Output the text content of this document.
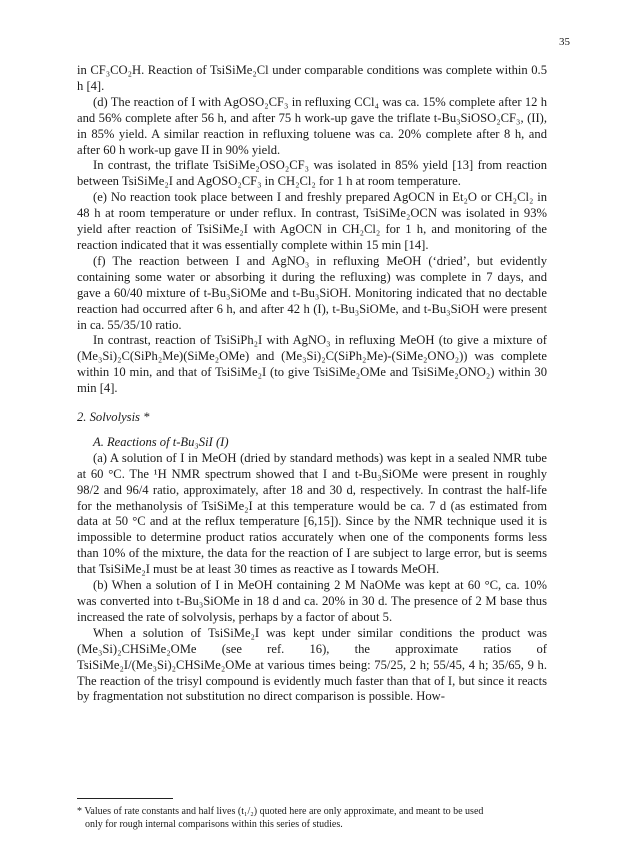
35

in CF₃CO₂H. Reaction of TsiSiMe₂Cl under comparable conditions was complete within 0.5 h [4].

(d) The reaction of I with AgOSO₂CF₃ in refluxing CCl₄ was ca. 15% complete after 12 h and 56% complete after 56 h, and after 75 h work-up gave the triflate t-Bu₃SiOSO₂CF₃, (II), in 85% yield. A similar reaction in refluxing toluene was ca. 20% complete after 8 h, and after 60 h work-up gave II in 90% yield.

In contrast, the triflate TsiSiMe₂OSO₂CF₃ was isolated in 85% yield [13] from reaction between TsiSiMe₂I and AgOSO₂CF₃ in CH₂Cl₂ for 1 h at room temperature.

(e) No reaction took place between I and freshly prepared AgOCN in Et₂O or CH₂Cl₂ in 48 h at room temperature or under reflux. In contrast, TsiSiMe₂OCN was isolated in 93% yield after reaction of TsiSiMe₂I with AgOCN in CH₂Cl₂ for 1 h, and monitoring of the reaction indicated that it was essentially complete within 15 min [14].

(f) The reaction between I and AgNO₃ in refluxing MeOH (‘dried’, but evidently containing some water or absorbing it during the refluxing) was complete in 7 days, and gave a 60/40 mixture of t-Bu₃SiOMe and t-Bu₃SiOH. Monitoring indicated that no dectable reaction had occurred after 6 h, and after 42 h (I), t-Bu₃SiOMe, and t-Bu₃SiOH were present in ca. 55/35/10 ratio.

In contrast, reaction of TsiSiPh₂I with AgNO₃ in refluxing MeOH (to give a mixture of (Me₃Si)₂C(SiPh₂Me)(SiMe₂OMe) and (Me₃Si)₂C(SiPh₂Me)-(SiMe₂ONO₂)) was complete within 10 min, and that of TsiSiMe₂I (to give TsiSiMe₂OMe and TsiSiMe₂ONO₂) within 30 min [4].

2. Solvolysis *

A. Reactions of t-Bu₃SiI (I)

(a) A solution of I in MeOH (dried by standard methods) was kept in a sealed NMR tube at 60 °C. The ¹H NMR spectrum showed that I and t-Bu₃SiOMe were present in roughly 98/2 and 96/4 ratio, approximately, after 18 and 30 d, respectively. In contrast the half-life for the methanolysis of TsiSiMe₂I at this temperature would be ca. 7 d (as estimated from data at 50 °C and at the reflux temperature [6,15]). Since by the NMR technique used it is impossible to determine product ratios accurately when one of the components forms less than 10% of the mixture, the data for the reaction of I are subject to large error, but is seems that TsiSiMe₂I must be at least 30 times as reactive as I towards MeOH.

(b) When a solution of I in MeOH containing 2 M NaOMe was kept at 60 °C, ca. 10% was converted into t-Bu₃SiOMe in 18 d and ca. 20% in 30 d. The presence of 2 M base thus increased the rate of solvolysis, perhaps by a factor of about 5.

When a solution of TsiSiMe₂I was kept under similar conditions the product was (Me₃Si)₂CHSiMe₂OMe (see ref. 16), the approximate ratios of TsiSiMe₂I/(Me₃Si)₂CHSiMe₂OMe at various times being: 75/25, 2 h; 55/45, 4 h; 35/65, 9 h. The reaction of the trisyl compound is evidently much faster than that of I, but since it reacts by fragmentation not substitution no direct comparison is possible. How-

* Values of rate constants and half lives (t₁/₂) quoted here are only approximate, and meant to be used
only for rough internal comparisons within this series of studies.
